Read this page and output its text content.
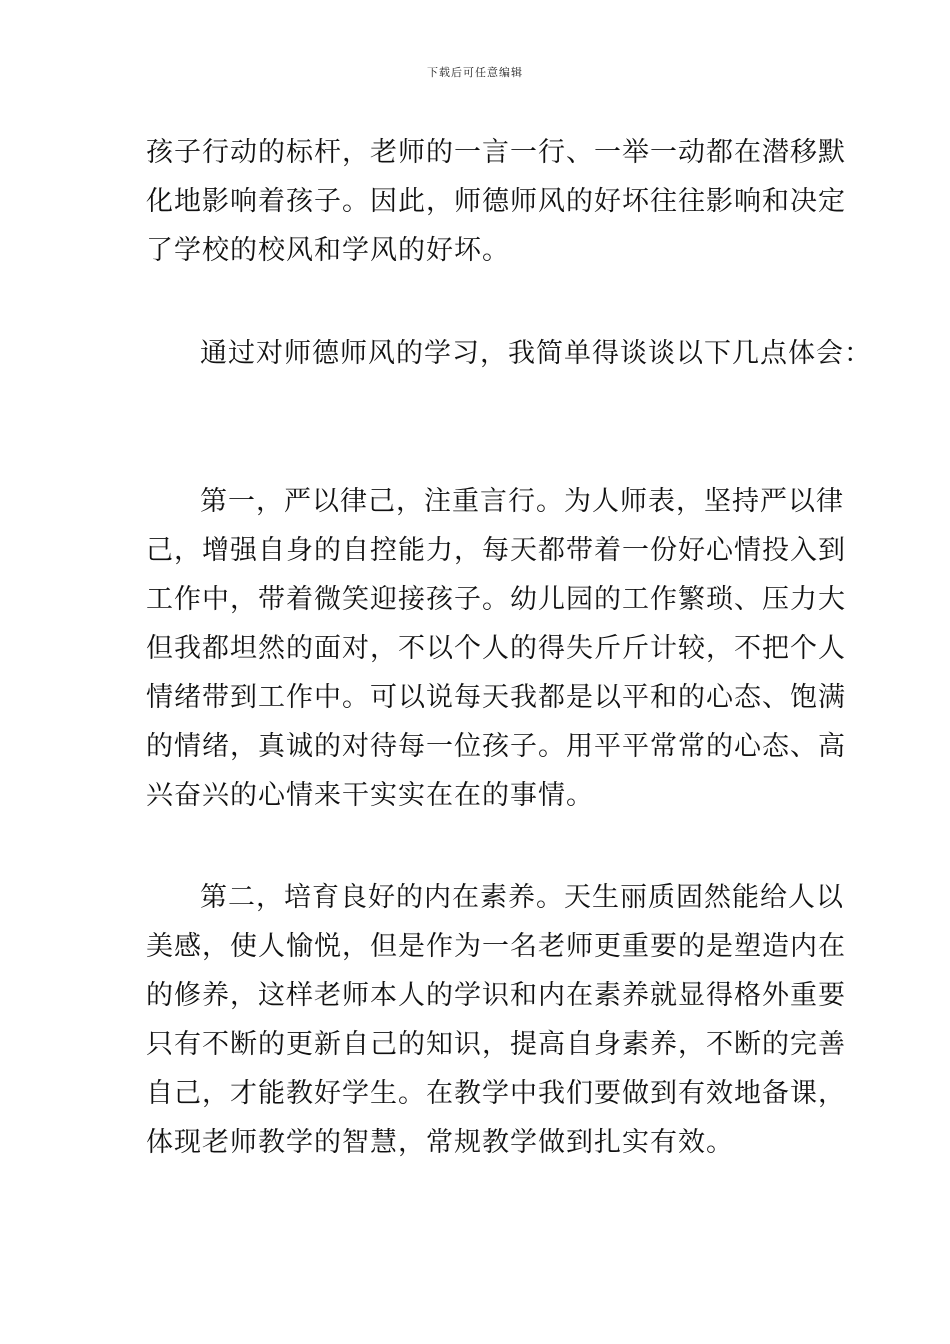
下载后可任意编辑
孩子行动的标杆，老师的一言一行、一举一动都在潜移默
化地影响着孩子。因此，师德师风的好坏往往影响和决定
了学校的校风和学风的好坏。
通过对师德师风的学习，我简单得谈谈以下几点体会：
第一，严以律己，注重言行。为人师表，坚持严以律
己，增强自身的自控能力，每天都带着一份好心情投入到
工作中，带着微笑迎接孩子。幼儿园的工作繁琐、压力大
但我都坦然的面对，不以个人的得失斤斤计较，不把个人
情绪带到工作中。可以说每天我都是以平和的心态、饱满
的情绪，真诚的对待每一位孩子。用平平常常的心态、高
兴奋兴的心情来干实实在在的事情。
第二，培育良好的内在素养。天生丽质固然能给人以
美感，使人愉悦，但是作为一名老师更重要的是塑造内在
的修养，这样老师本人的学识和内在素养就显得格外重要
只有不断的更新自己的知识，提高自身素养，不断的完善
自己，才能教好学生。在教学中我们要做到有效地备课，
体现老师教学的智慧，常规教学做到扎实有效。
